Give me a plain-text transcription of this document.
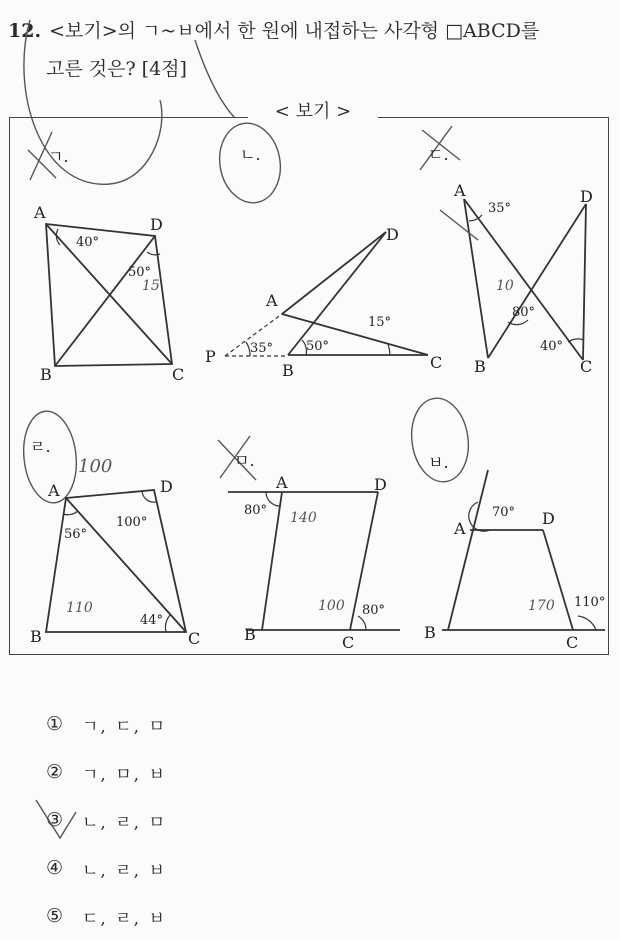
12. <보기>의 ㄱ~ㅂ에서 한 원에 내접하는 사각형 □ABCD를
고른 것은? [4점]
< 보기 >
15	10
100
110
140
100	170
ㄱ.	ㄴ.	ㄷ.
ㄹ.
ㅁ.	ㅂ.
A
B	C
D
40°
50°
P
A
B	C
D
35°	50°
15°
A
B	C
D
35°
80°
40°
A
B	C
D
56°
100°
44°
A
B	C
D
80°
80°
A
B
C
D
70°
110°
①	ㄱ, ㄷ, ㅁ
②	ㄱ, ㅁ, ㅂ
③	ㄴ, ㄹ, ㅁ
④	ㄴ, ㄹ, ㅂ
⑤	ㄷ, ㄹ, ㅂ
